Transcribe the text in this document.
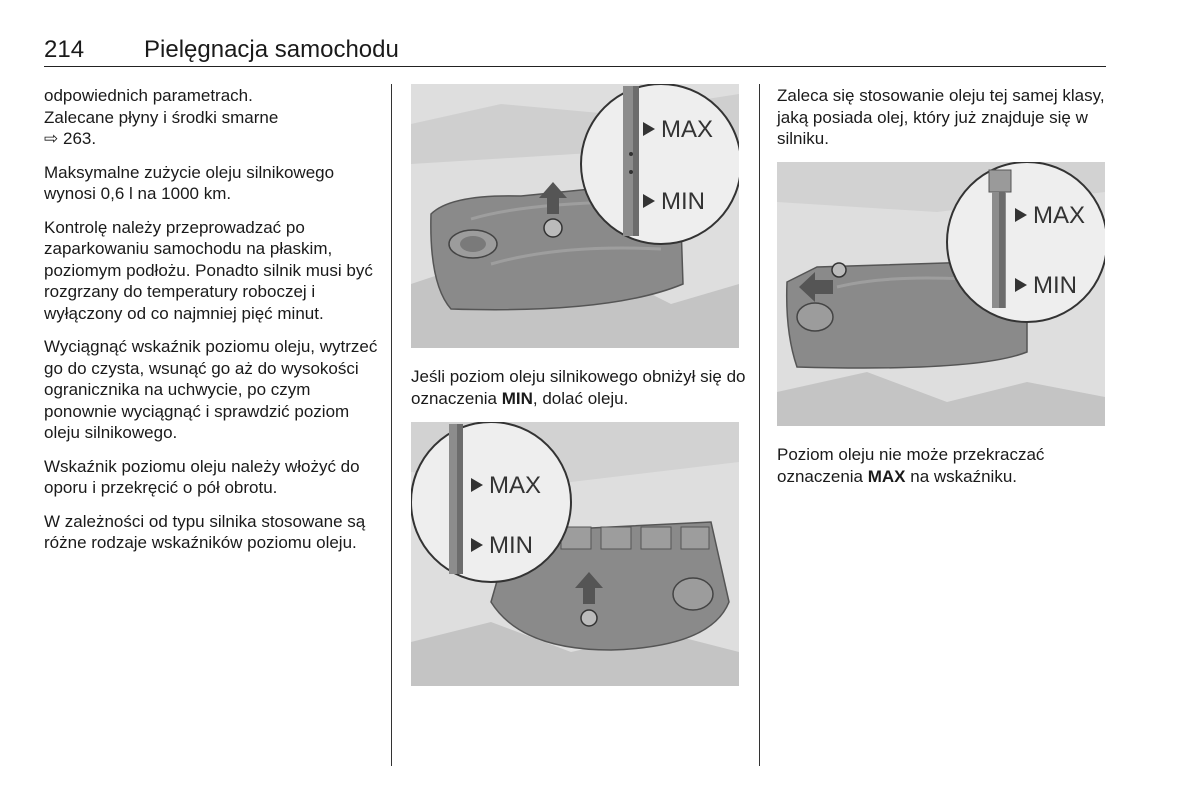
214 Pielęgnacja samochodu

odpowiednich parametrach.
Zalecane płyny i środki smarne
⇨ 263.

Maksymalne zużycie oleju silnikowego wynosi 0,6 l na 1000 km.

Kontrolę należy przeprowadzać po zaparkowaniu samochodu na płaskim, poziomym podłożu. Ponadto silnik musi być rozgrzany do temperatury roboczej i wyłączony od co najmniej pięć minut.

Wyciągnąć wskaźnik poziomu oleju, wytrzeć go do czysta, wsunąć go aż do wysokości ogranicznika na uchwycie, po czym ponownie wyciągnąć i sprawdzić poziom oleju silnikowego.

Wskaźnik poziomu oleju należy włożyć do oporu i przekręcić o pół obrotu.

W zależności od typu silnika stosowane są różne rodzaje wskaźników poziomu oleju.

MAX
MIN
Jeśli poziom oleju silnikowego obniżył się do oznaczenia MIN, dolać oleju.
MAX
MIN
Zaleca się stosowanie oleju tej samej klasy, jaką posiada olej, który już znajduje się w silniku.
MAX
MIN
Poziom oleju nie może przekraczać oznaczenia MAX na wskaźniku.
